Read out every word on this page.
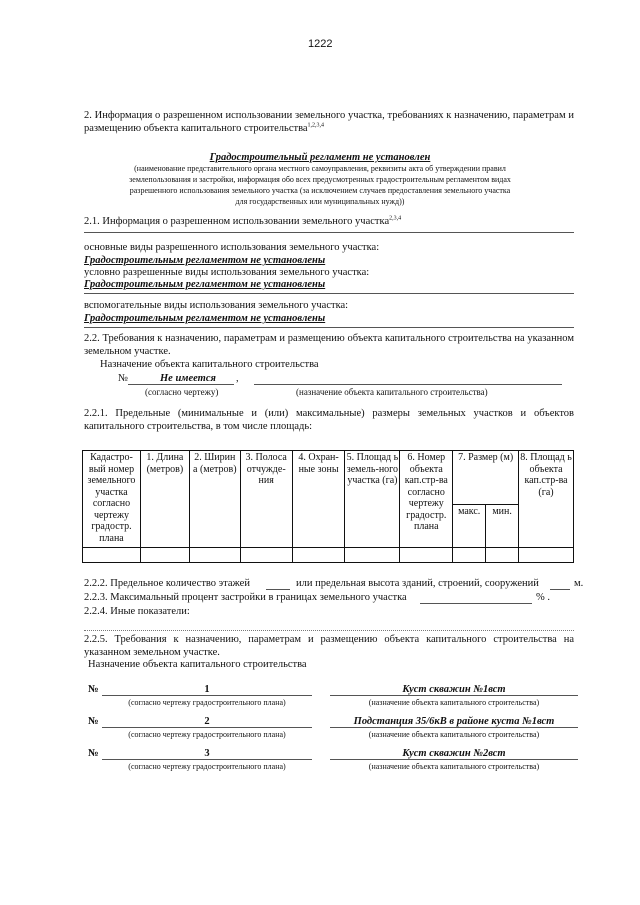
1222
2. Информация о разрешенном использовании земельного участка, требованиях к назначению, параметрам и размещению объекта капитального строительства$^{1,2,3,4}$
Градостроительный регламент не установлен
(наименование представительного органа местного самоуправления, реквизиты акта об утверждении правил
землепользования и застройки, информация обо всех предусмотренных градостроительным регламентом видах
разрешенного использования земельного участка (за исключением случаев предоставления земельного участка
для государственных или муниципальных нужд))
2.1. Информация о разрешенном использовании земельного участка$^{2,3,4}$
основные виды разрешенного использования земельного участка:
Градостроительным регламентом не установлены
условно разрешенные виды использования земельного участка:
Градостроительным регламентом не установлены
вспомогательные виды использования земельного участка:
Градостроительным регламентом не установлены
2.2. Требования к назначению, параметрам и размещению объекта капитального строительства на указанном земельном участке.
Назначение объекта капитального строительства
№	Не имеется ,
(согласно чертежу)	(назначение объекта капитального строительства)
2.2.1. Предельные (минимальные и (или) максимальные) размеры земельных участков и объектов капитального строительства, в том числе площадь:
Кадастро-вый номер земельного участка согласно чертежу градостр. плана	1. Длина (метров)	2. Ширин а (метров)	3. Полоса отчужде-ния	4. Охран-ные зоны	5. Площад ь земель-ного участка (га)	6. Номер объекта кап.стр-ва согласно чертежу градостр. плана	7. Размер (м)		8. Площад ь объекта кап.стр-ва (га)
							макс.	мин.	

2.2.2. Предельное количество этажей	или предельная высота зданий, строений, сооружений	м.
2.2.3. Максимальный процент застройки в границах земельного участка	% .
2.2.4. Иные показатели:
2.2.5. Требования к назначению, параметрам и размещению объекта капитального строительства на указанном земельном участке.
Назначение объекта капитального строительства
№	1	Куст скважин №1вст
(согласно чертежу градостроительного плана)	(назначение объекта капитального строительства)
№	2	Подстанция 35/6кВ в районе куста №1вст
(согласно чертежу градостроительного плана)	(назначение объекта капитального строительства)
№	3	Куст скважин №2вст
(согласно чертежу градостроительного плана)	(назначение объекта капитального строительства)
